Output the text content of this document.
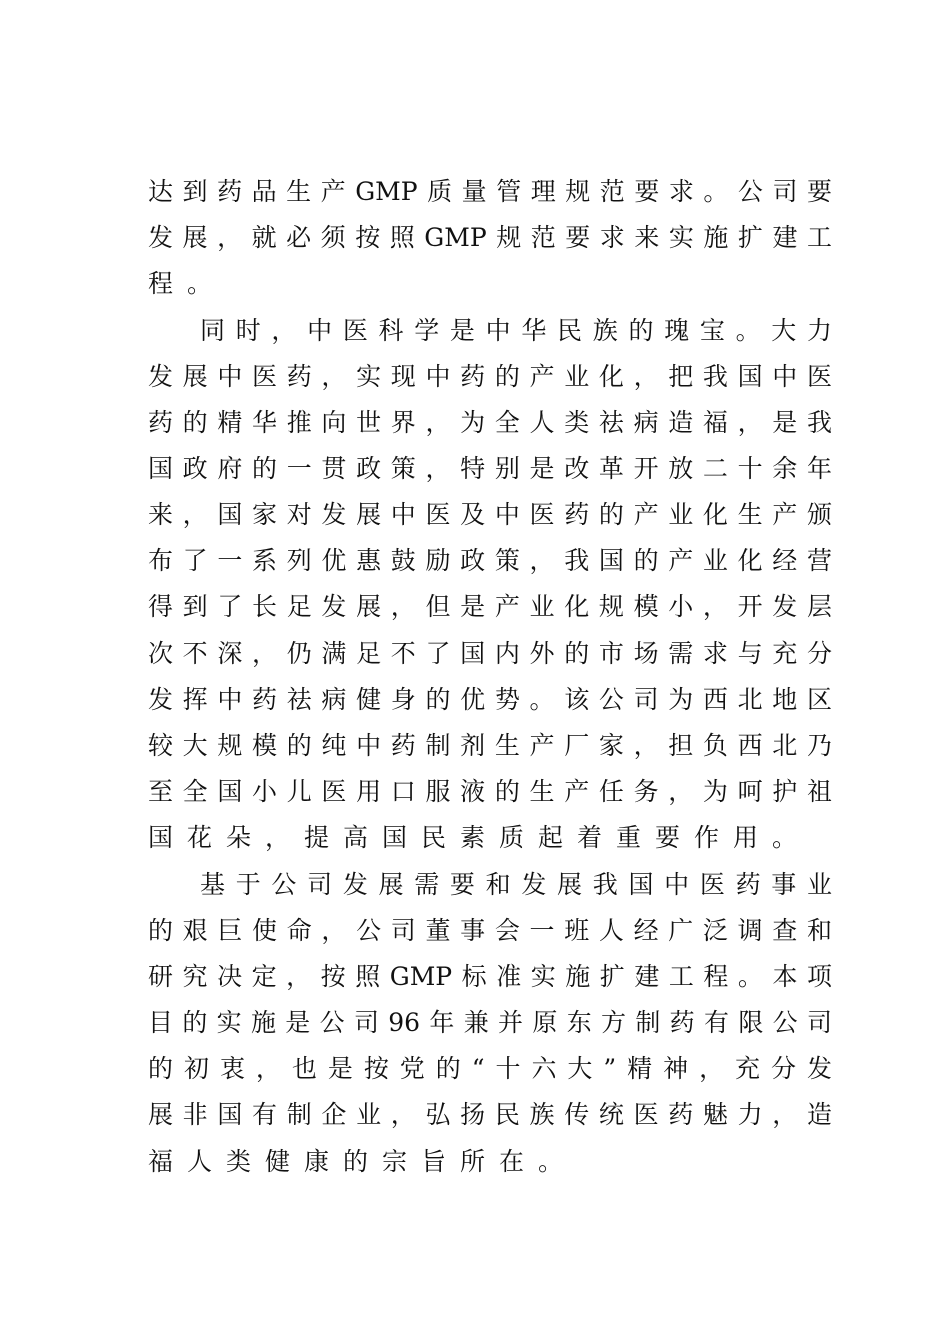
达到药品生产GMP质量管理规范要求。公司要
发展，就必须按照GMP规范要求来实施扩建工
程。
同时，中医科学是中华民族的瑰宝。大力
发展中医药，实现中药的产业化，把我国中医
药的精华推向世界，为全人类祛病造福，是我
国政府的一贯政策，特别是改革开放二十余年
来，国家对发展中医及中医药的产业化生产颁
布了一系列优惠鼓励政策，我国的产业化经营
得到了长足发展，但是产业化规模小，开发层
次不深，仍满足不了国内外的市场需求与充分
发挥中药祛病健身的优势。该公司为西北地区
较大规模的纯中药制剂生产厂家，担负西北乃
至全国小儿医用口服液的生产任务，为呵护祖
国花朵，提高国民素质起着重要作用。
基于公司发展需要和发展我国中医药事业
的艰巨使命，公司董事会一班人经广泛调查和
研究决定，按照GMP标准实施扩建工程。本项
目的实施是公司96年兼并原东方制药有限公司
的初衷，也是按党的“十六大”精神，充分发
展非国有制企业，弘扬民族传统医药魅力，造
福人类健康的宗旨所在。
